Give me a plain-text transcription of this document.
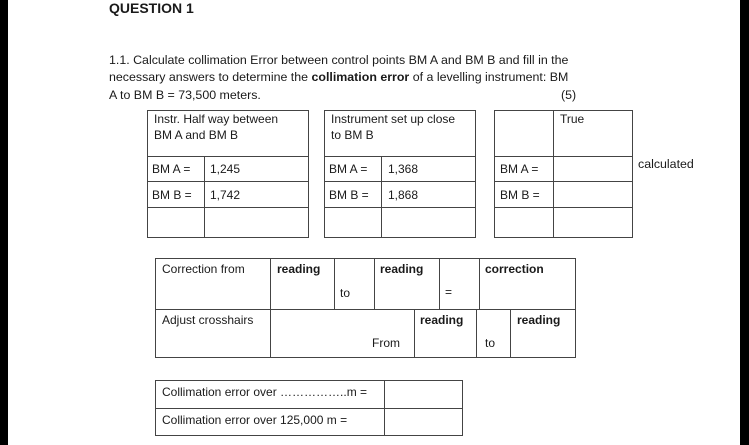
QUESTION 1
1.1. Calculate collimation Error between control points BM A and BM B and fill in the
necessary answers to determine the collimation error of a levelling instrument: BM
A to BM B = 73,500 meters.	(5)
Instr. Half way between
BM A and BM B
BM A = 1,245
BM B = 1,742
Instrument set up close
to BM B
BM A = 1,368
BM B = 1,868
True
BM A =
BM B =
calculated
Correction from	reading
to
reading
=
correction
Adjust crosshairs
From
reading
to
reading
Collimation error over ……………..m =
Collimation error over 125,000 m =
